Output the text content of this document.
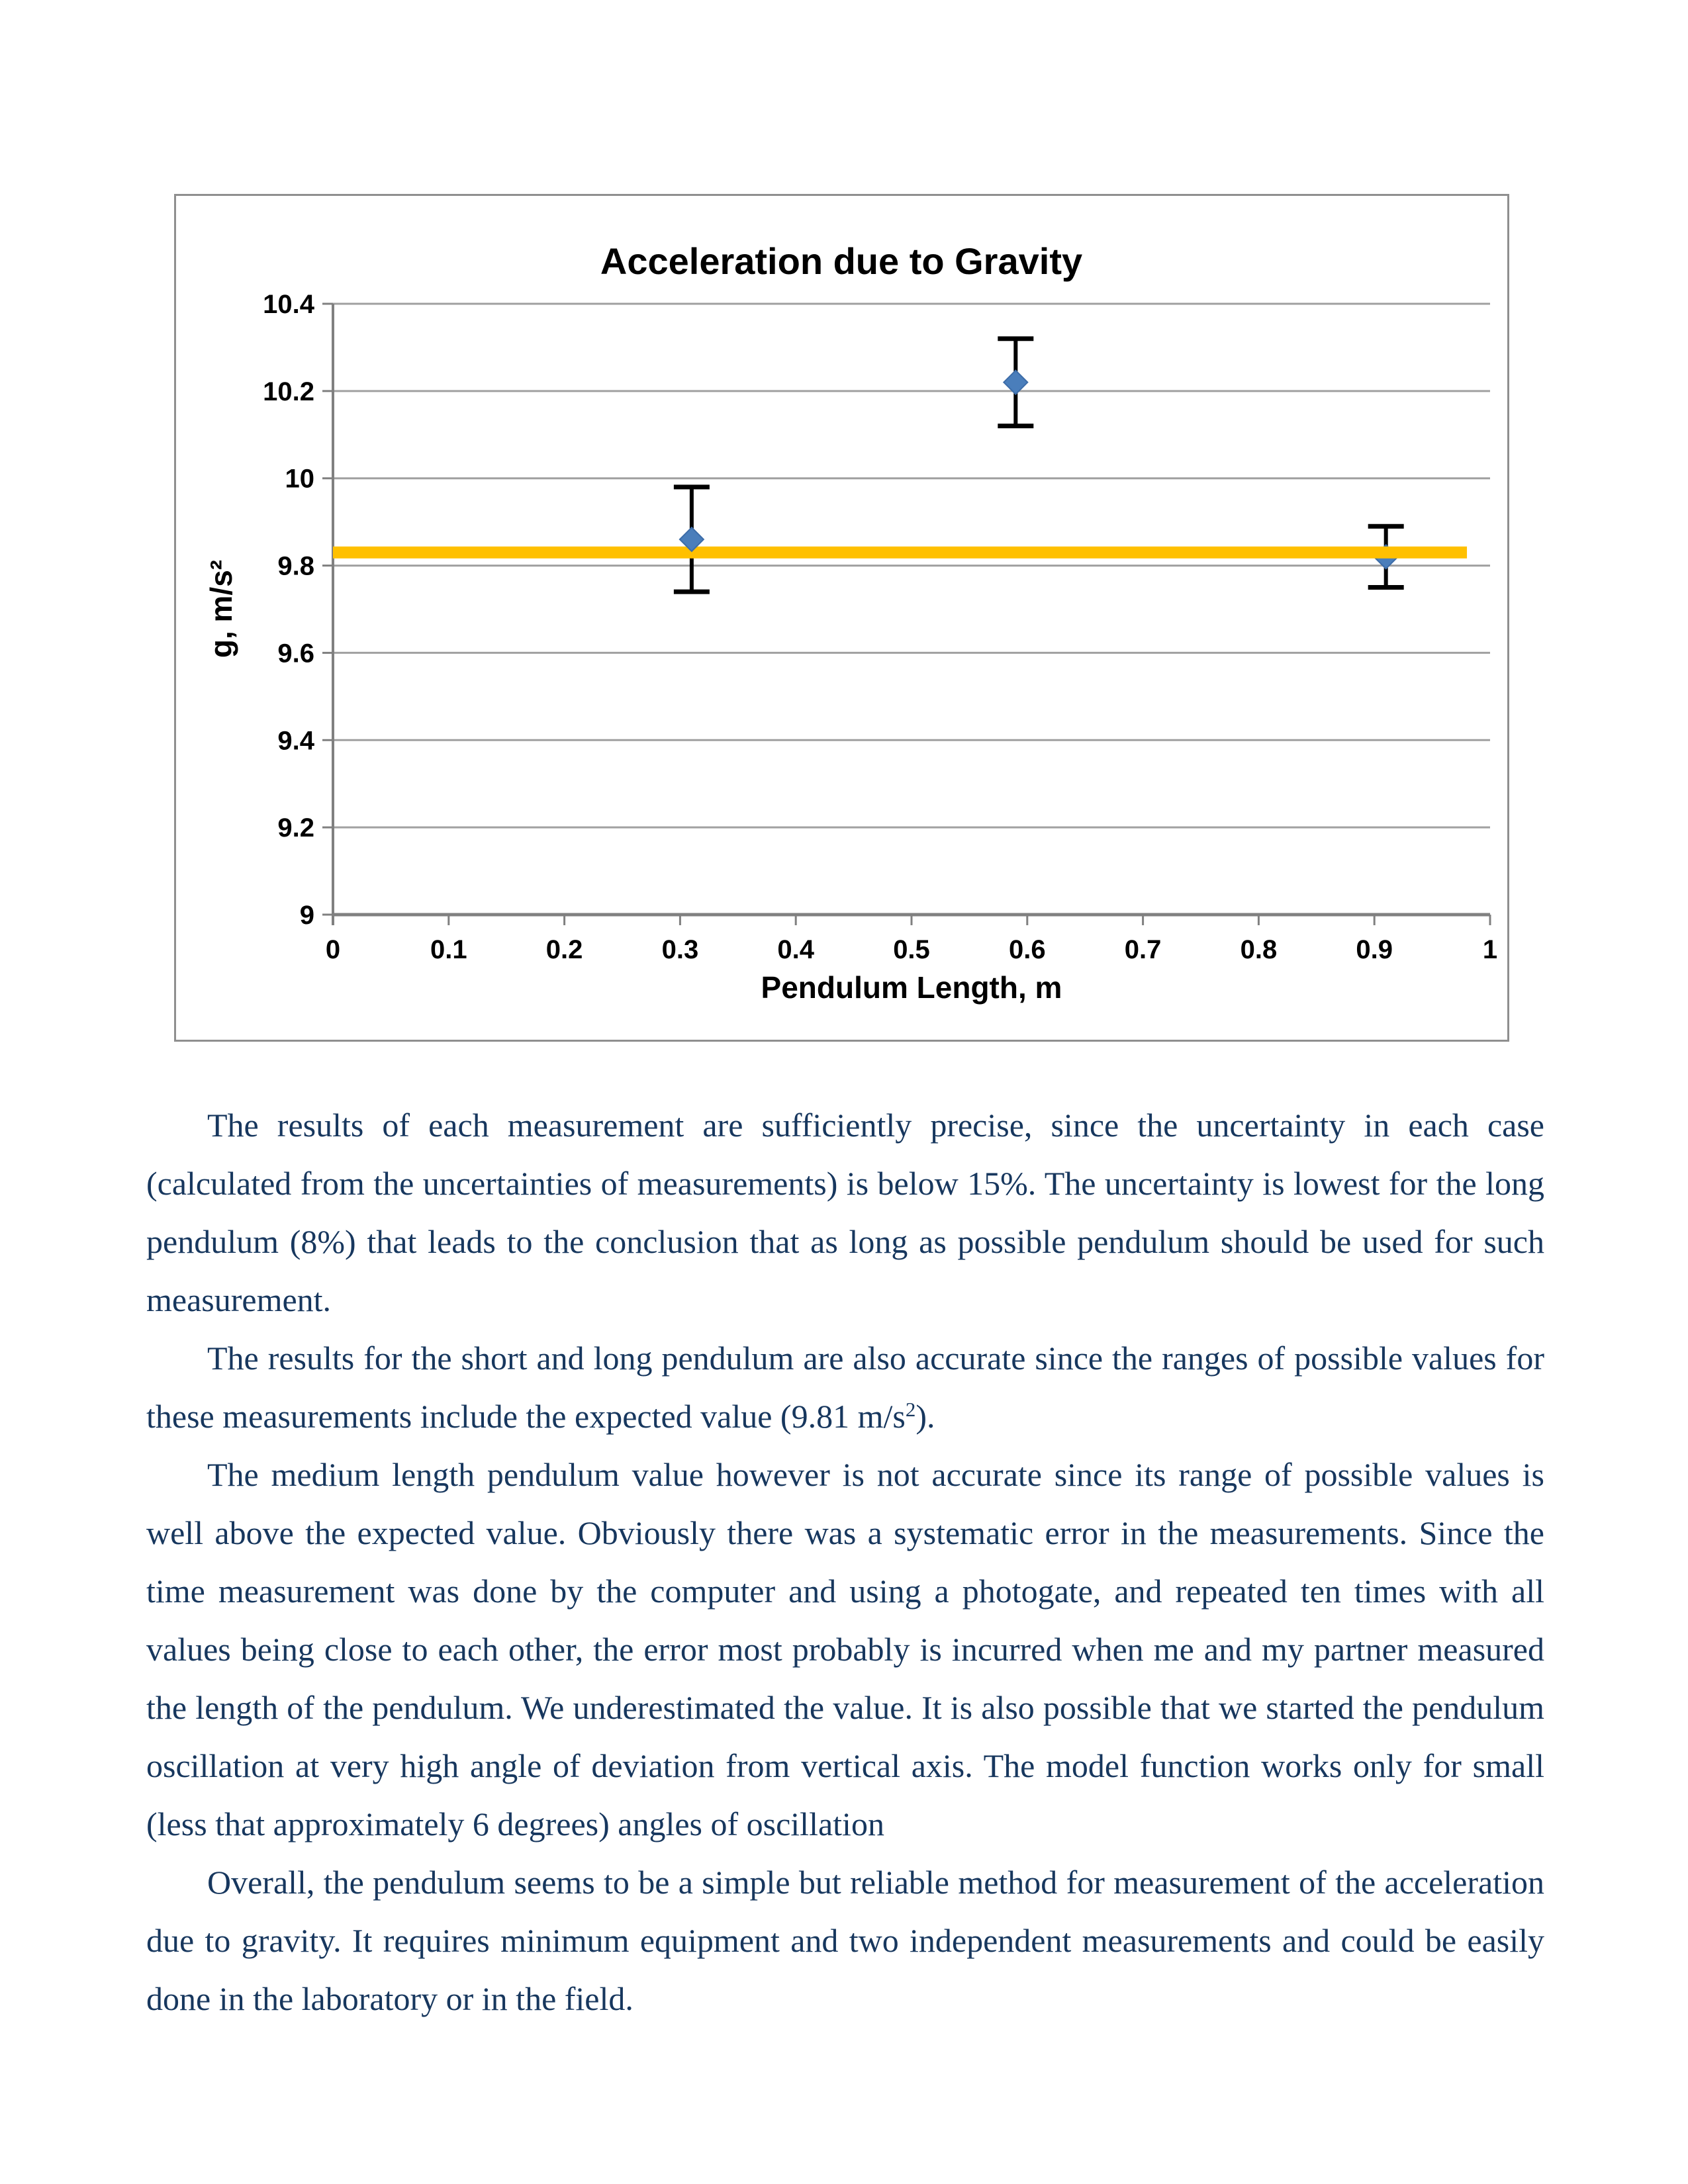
9
9.2
9.4
9.6
9.8
10
10.2
10.4
0	0.1	0.2	0.3	0.4	0.5	0.6	0.7	0.8	0.9	1
Acceleration due to Gravity
Pendulum Length, m
g, m/s²

The results of each measurement are sufficiently precise, since the uncertainty in each case (calculated from the uncertainties of measurements) is below 15%. The uncertainty is lowest for the long pendulum (8%) that leads to the conclusion that as long as possible pendulum should be used for such measurement.

The results for the short and long pendulum are also accurate since the ranges of possible values for these measurements include the expected value (9.81 $m/s^2$).

The medium length pendulum value however is not accurate since its range of possible values is well above the expected value. Obviously there was a systematic error in the measurements. Since the time measurement was done by the computer and using a photogate, and repeated ten times with all values being close to each other, the error most probably is incurred when me and my partner measured the length of the pendulum. We underestimated the value. It is also possible that we started the pendulum oscillation at very high angle of deviation from vertical axis. The model function works only for small (less that approximately 6 degrees) angles of oscillation

Overall, the pendulum seems to be a simple but reliable method for measurement of the acceleration due to gravity. It requires minimum equipment and two independent measurements and could be easily done in the laboratory or in the field.
